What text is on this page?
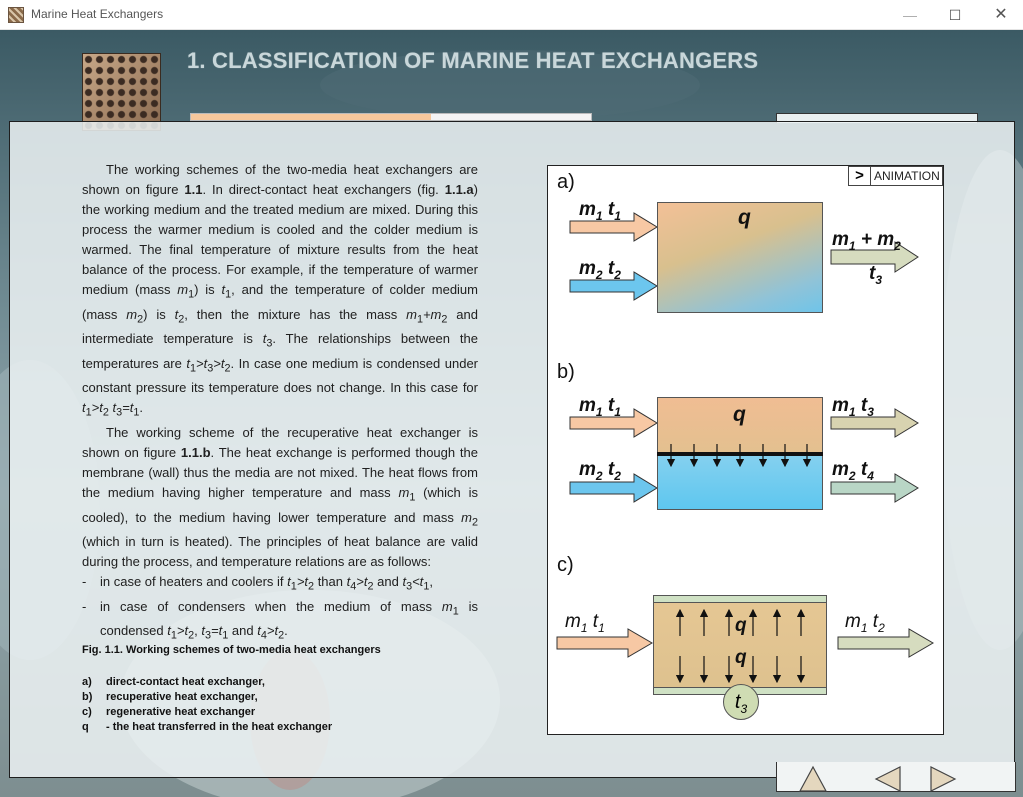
Marine Heat Exchangers	—	☐	✕
1. CLASSIFICATION OF MARINE HEAT EXCHANGERS

The working schemes of the two-media heat exchangers are shown on figure 1.1. In direct-contact heat exchangers (fig. 1.1.a) the working medium and the treated medium are mixed. During this process the warmer medium is cooled and the colder medium is warmed. The final temperature of mixture results from the heat balance of the process. For example, if the temperature of warmer medium (mass $m_1$) is $t_1$, and the temperature of colder medium (mass $m_2$) is $t_2$, then the mixture has the mass $m_1+m_2$ and intermediate temperature is $t_3$. The relationships between the temperatures are $t_1>t_3>t_2$. In case one medium is condensed under constant pressure its temperature does not change. In this case for $t_1>t_2$ $t_3=t_1$.

The working scheme of the recuperative heat exchanger is shown on figure 1.1.b. The heat exchange is performed though the membrane (wall) thus the media are not mixed. The heat flows from the medium having higher temperature and mass $m_1$ (which is cooled), to the medium having lower temperature and mass $m_2$ (which in turn is heated). The principles of heat balance are valid during the process, and temperature relations are as follows:

-	in case of heaters and coolers if $t_1>t_2$ than $t_4>t_2$ and $t_3<t_1$,
-	in case of condensers when the medium of mass $m_1$ is condensed $t_1>t_2$, $t_3=t_1$ and $t_4>t_2$.
Fig. 1.1. Working schemes of two-media heat exchangers
a)	direct-contact heat exchanger,
b)	recuperative heat exchanger,
c)	regenerative heat exchanger
q	- the heat transferred in the heat exchanger
> ANIMATION
a)
$m_1$ $t_1$
$m_2$ $t_2$
q
$m_1 + m_2$
$t_3$
b)
$m_1$ $t_1$
$m_2$ $t_2$
q	$m_1$ $t_3$
$m_2$ $t_4$
c)
$m_1$ $t_1$	$m_1$ $t_2$
q
q
$t_3$
